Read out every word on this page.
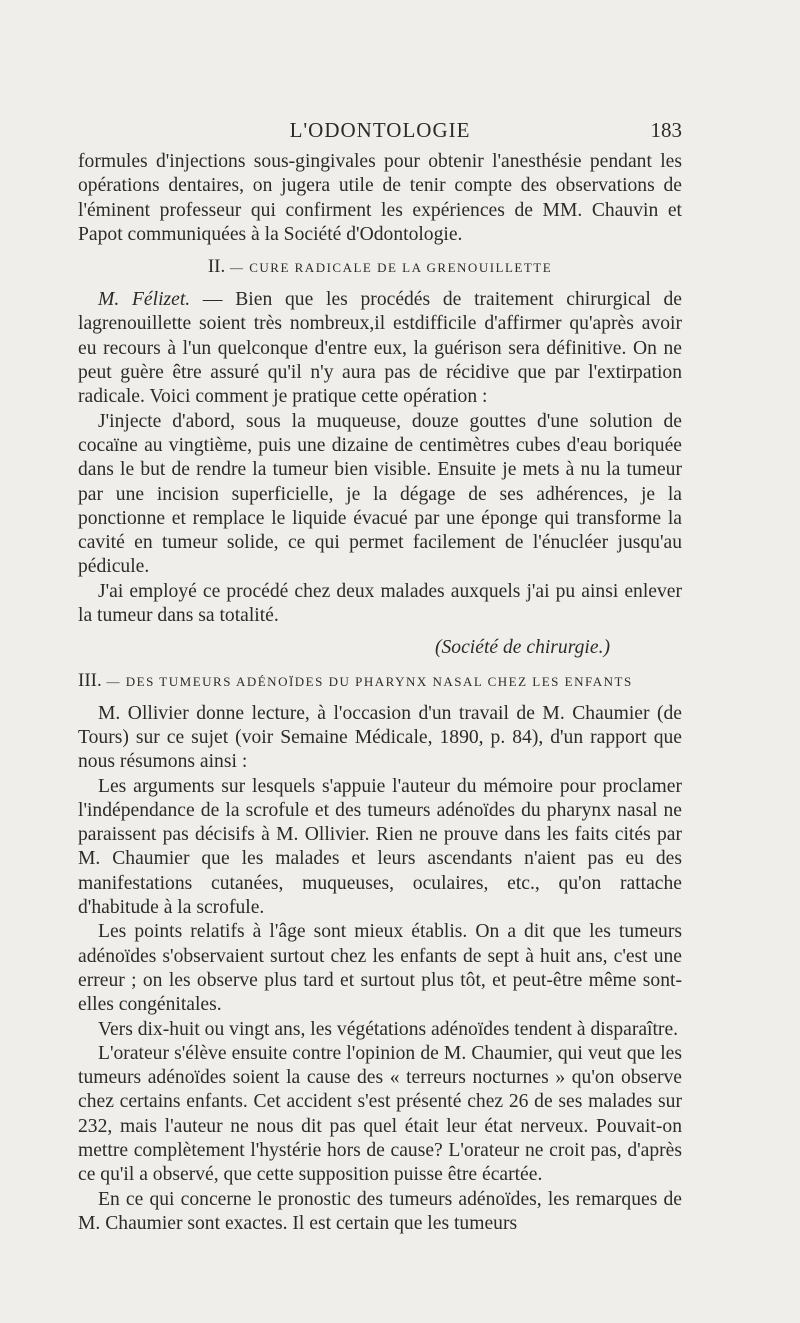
L'ODONTOLOGIE	183

formules d'injections sous-gingivales pour obtenir l'anesthésie pendant les opérations dentaires, on jugera utile de tenir compte des observations de l'éminent professeur qui confirment les expériences de MM. Chauvin et Papot communiquées à la Société d'Odontologie.

II. — CURE RADICALE DE LA GRENOUILLETTE

M. Félizet. — Bien que les procédés de traitement chirurgical de lagrenouillette soient très nombreux,il estdifficile d'affirmer qu'après avoir eu recours à l'un quelconque d'entre eux, la guérison sera définitive. On ne peut guère être assuré qu'il n'y aura pas de récidive que par l'extirpation radicale. Voici comment je pratique cette opération :

J'injecte d'abord, sous la muqueuse, douze gouttes d'une solution de cocaïne au vingtième, puis une dizaine de centimètres cubes d'eau boriquée dans le but de rendre la tumeur bien visible. Ensuite je mets à nu la tumeur par une incision superficielle, je la dégage de ses adhérences, je la ponctionne et remplace le liquide évacué par une éponge qui transforme la cavité en tumeur solide, ce qui permet facilement de l'énucléer jusqu'au pédicule.

J'ai employé ce procédé chez deux malades auxquels j'ai pu ainsi enlever la tumeur dans sa totalité.

(Société de chirurgie.)

III. — DES TUMEURS ADÉNOÏDES DU PHARYNX NASAL CHEZ LES ENFANTS

M. Ollivier donne lecture, à l'occasion d'un travail de M. Chaumier (de Tours) sur ce sujet (voir Semaine Médicale, 1890, p. 84), d'un rapport que nous résumons ainsi :

Les arguments sur lesquels s'appuie l'auteur du mémoire pour proclamer l'indépendance de la scrofule et des tumeurs adénoïdes du pharynx nasal ne paraissent pas décisifs à M. Ollivier. Rien ne prouve dans les faits cités par M. Chaumier que les malades et leurs ascendants n'aient pas eu des manifestations cutanées, muqueuses, oculaires, etc., qu'on rattache d'habitude à la scrofule.

Les points relatifs à l'âge sont mieux établis. On a dit que les tumeurs adénoïdes s'observaient surtout chez les enfants de sept à huit ans, c'est une erreur ; on les observe plus tard et surtout plus tôt, et peut-être même sont-elles congénitales.

Vers dix-huit ou vingt ans, les végétations adénoïdes tendent à disparaître.

L'orateur s'élève ensuite contre l'opinion de M. Chaumier, qui veut que les tumeurs adénoïdes soient la cause des « terreurs nocturnes » qu'on observe chez certains enfants. Cet accident s'est présenté chez 26 de ses malades sur 232, mais l'auteur ne nous dit pas quel était leur état nerveux. Pouvait-on mettre complètement l'hystérie hors de cause? L'orateur ne croit pas, d'après ce qu'il a observé, que cette supposition puisse être écartée.

En ce qui concerne le pronostic des tumeurs adénoïdes, les remarques de M. Chaumier sont exactes. Il est certain que les tumeurs
